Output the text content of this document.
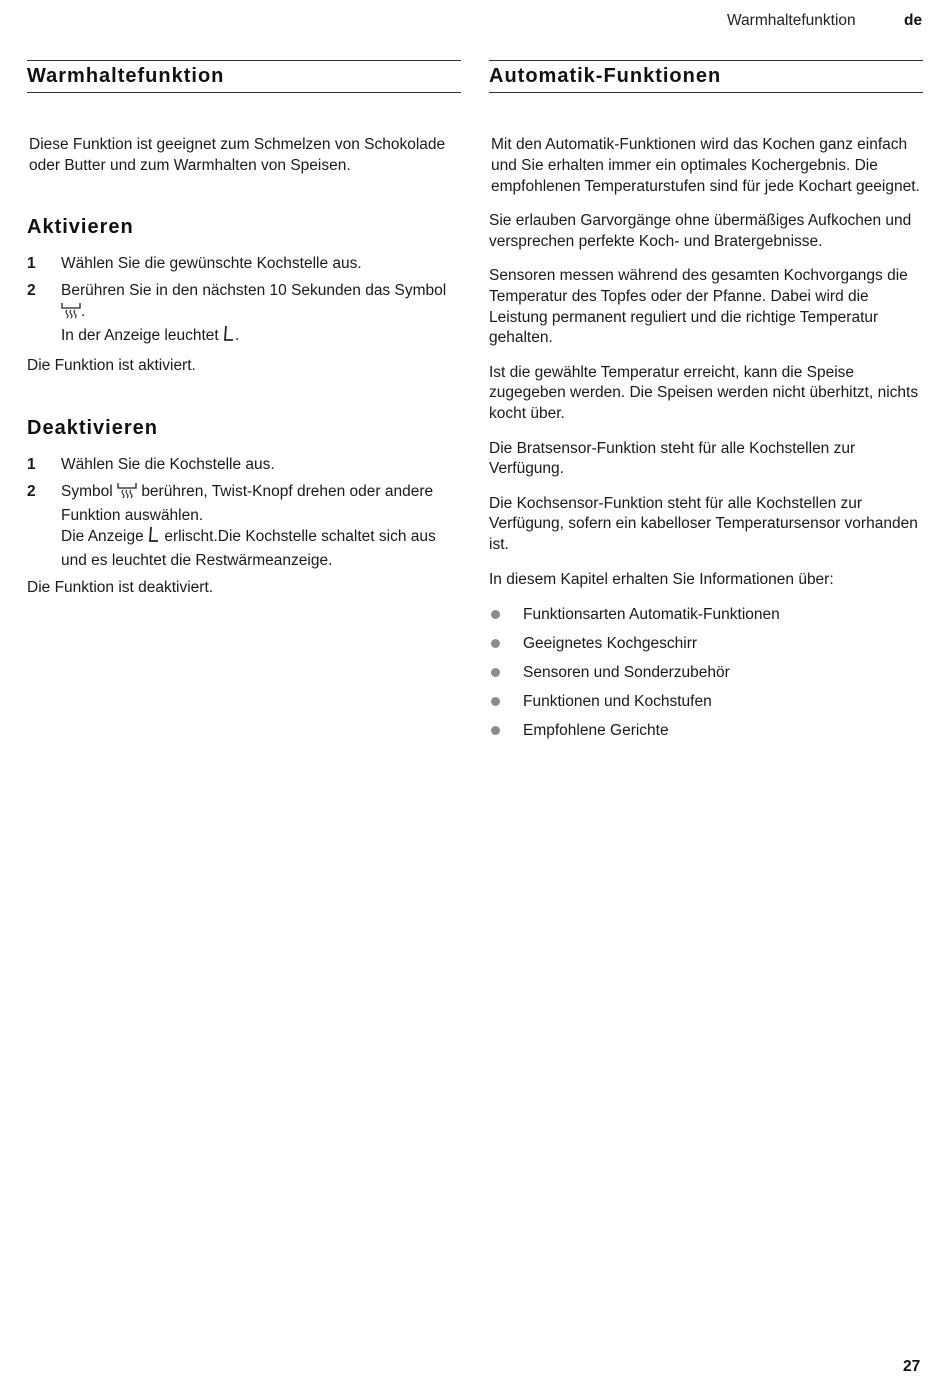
Warmhaltefunktion	de
Warmhaltefunktion

Diese Funktion ist geeignet zum Schmelzen von Schokolade oder Butter und zum Warmhalten von Speisen.

Aktivieren
1 Wählen Sie die gewünschte Kochstelle aus.
2 Berühren Sie in den nächsten 10 Sekunden das Symbol .
In der Anzeige leuchtet .
Die Funktion ist aktiviert.
Deaktivieren
1 Wählen Sie die Kochstelle aus.
2 Symbol berühren, Twist-Knopf drehen oder andere Funktion auswählen.
Die Anzeige erlischt.Die Kochstelle schaltet sich aus und es leuchtet die Restwärmeanzeige.
Die Funktion ist deaktiviert.
Automatik-Funktionen

Mit den Automatik-Funktionen wird das Kochen ganz einfach und Sie erhalten immer ein optimales Kochergebnis. Die empfohlenen Temperaturstufen sind für jede Kochart geeignet.

Sie erlauben Garvorgänge ohne übermäßiges Aufkochen und versprechen perfekte Koch- und Bratergebnisse.

Sensoren messen während des gesamten Kochvorgangs die Temperatur des Topfes oder der Pfanne. Dabei wird die Leistung permanent reguliert und die richtige Temperatur gehalten.

Ist die gewählte Temperatur erreicht, kann die Speise zugegeben werden. Die Speisen werden nicht überhitzt, nichts kocht über.

Die Bratsensor-Funktion steht für alle Kochstellen zur Verfügung.

Die Kochsensor-Funktion steht für alle Kochstellen zur Verfügung, sofern ein kabelloser Temperatursensor vorhanden ist.

In diesem Kapitel erhalten Sie Informationen über:

Funktionsarten Automatik-Funktionen
Geeignetes Kochgeschirr
Sensoren und Sonderzubehör
Funktionen und Kochstufen
Empfohlene Gerichte
27
